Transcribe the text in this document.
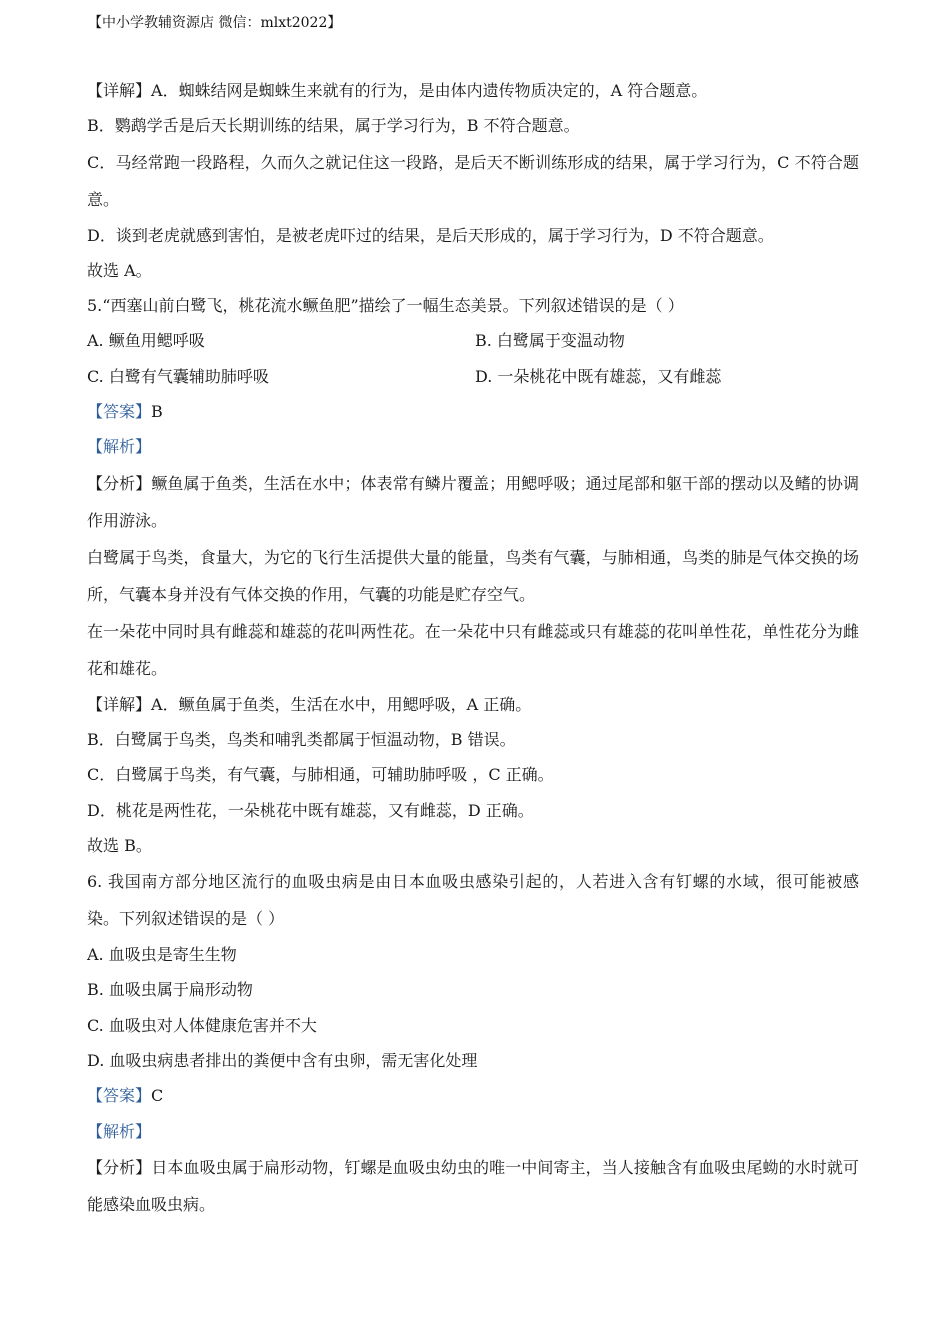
【中小学教辅资源店 微信：mlxt2022】
【详解】A．蜘蛛结网是蜘蛛生来就有的行为，是由体内遗传物质决定的，A 符合题意。
B．鹦鹉学舌是后天长期训练的结果，属于学习行为，B 不符合题意。
C．马经常跑一段路程，久而久之就记住这一段路，是后天不断训练形成的结果，属于学习行为，C 不符合题意。
D．谈到老虎就感到害怕，是被老虎吓过的结果，是后天形成的，属于学习行为，D 不符合题意。
故选 A。
5.“西塞山前白鹭飞，桃花流水鳜鱼肥”描绘了一幅生态美景。下列叙述错误的是（ ）
A. 鳜鱼用鳃呼吸	B. 白鹭属于变温动物
C. 白鹭有气囊辅助肺呼吸	D. 一朵桃花中既有雄蕊，又有雌蕊
【答案】B
【解析】
【分析】鳜鱼属于鱼类，生活在水中；体表常有鳞片覆盖；用鳃呼吸；通过尾部和躯干部的摆动以及鳍的协调作用游泳。
白鹭属于鸟类，食量大，为它的飞行生活提供大量的能量，鸟类有气囊，与肺相通，鸟类的肺是气体交换的场所，气囊本身并没有气体交换的作用，气囊的功能是贮存空气。
在一朵花中同时具有雌蕊和雄蕊的花叫两性花。在一朵花中只有雌蕊或只有雄蕊的花叫单性花，单性花分为雌花和雄花。
【详解】A．鳜鱼属于鱼类，生活在水中，用鳃呼吸，A 正确。
B．白鹭属于鸟类，鸟类和哺乳类都属于恒温动物，B 错误。
C．白鹭属于鸟类，有气囊，与肺相通，可辅助肺呼吸 ，C 正确。
D．桃花是两性花，一朵桃花中既有雄蕊，又有雌蕊，D 正确。
故选 B。
6. 我国南方部分地区流行的血吸虫病是由日本血吸虫感染引起的，人若进入含有钉螺的水域，很可能被感染。下列叙述错误的是（ ）
A. 血吸虫是寄生生物
B. 血吸虫属于扁形动物
C. 血吸虫对人体健康危害并不大
D. 血吸虫病患者排出的粪便中含有虫卵，需无害化处理
【答案】C
【解析】
【分析】日本血吸虫属于扁形动物，钉螺是血吸虫幼虫的唯一中间寄主，当人接触含有血吸虫尾蚴的水时就可能感染血吸虫病。
